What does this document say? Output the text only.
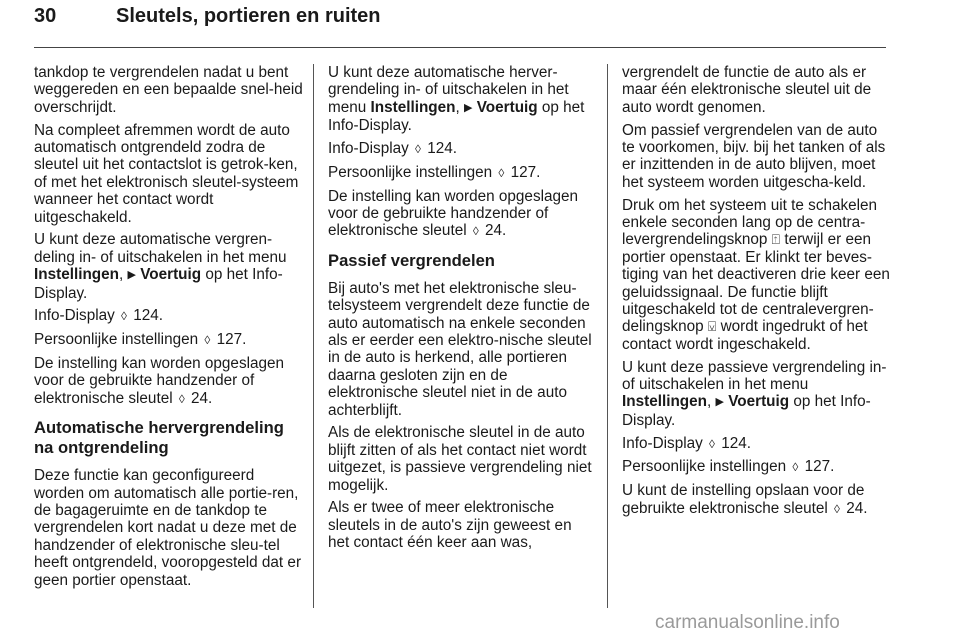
30	Sleutels, portieren en ruiten

tankdop te vergrendelen nadat u bent weggereden en een bepaalde snel-heid overschrijdt.

Na compleet afremmen wordt de auto automatisch ontgrendeld zodra de sleutel uit het contactslot is getrok-ken, of met het elektronisch sleutel-systeem wanneer het contact wordt uitgeschakeld.

U kunt deze automatische vergren-deling in- of uitschakelen in het menu Instellingen, ▶ Voertuig op het Info-Display.

Info-Display ◊ 124.

Persoonlijke instellingen ◊ 127.

De instelling kan worden opgeslagen voor de gebruikte handzender of elektronische sleutel ◊ 24.

Automatische hervergrendeling na ontgrendeling

Deze functie kan geconfigureerd worden om automatisch alle portie-ren, de bagageruimte en de tankdop te vergrendelen kort nadat u deze met de handzender of elektronische sleu-tel heeft ontgrendeld, vooropgesteld dat er geen portier openstaat.

U kunt deze automatische herver-grendeling in- of uitschakelen in het menu Instellingen, ▶ Voertuig op het Info-Display.

Info-Display ◊ 124.

Persoonlijke instellingen ◊ 127.

De instelling kan worden opgeslagen voor de gebruikte handzender of elektronische sleutel ◊ 24.

Passief vergrendelen

Bij auto's met het elektronische sleu-telsysteem vergrendelt deze functie de auto automatisch na enkele seconden als er eerder een elektro-nische sleutel in de auto is herkend, alle portieren daarna gesloten zijn en de elektronische sleutel niet in de auto achterblijft.

Als de elektronische sleutel in de auto blijft zitten of als het contact niet wordt uitgezet, is passieve vergrendeling niet mogelijk.

Als er twee of meer elektronische sleutels in de auto's zijn geweest en het contact één keer aan was,

vergrendelt de functie de auto als er maar één elektronische sleutel uit de auto wordt genomen.

Om passief vergrendelen van de auto te voorkomen, bijv. bij het tanken of als er inzittenden in de auto blijven, moet het systeem worden uitgescha-keld.

Druk om het systeem uit te schakelen enkele seconden lang op de centra-levergrendelingsknop ⍐ terwijl er een portier openstaat. Er klinkt ter beves-tiging van het deactiveren drie keer een geluidssignaal. De functie blijft uitgeschakeld tot de centralevergren-delingsknop ⍌ wordt ingedrukt of het contact wordt ingeschakeld.

U kunt deze passieve vergrendeling in- of uitschakelen in het menu Instellingen, ▶ Voertuig op het Info-Display.

Info-Display ◊ 124.

Persoonlijke instellingen ◊ 127.

U kunt de instelling opslaan voor de gebruikte elektronische sleutel ◊ 24.

carmanualsonline.info
